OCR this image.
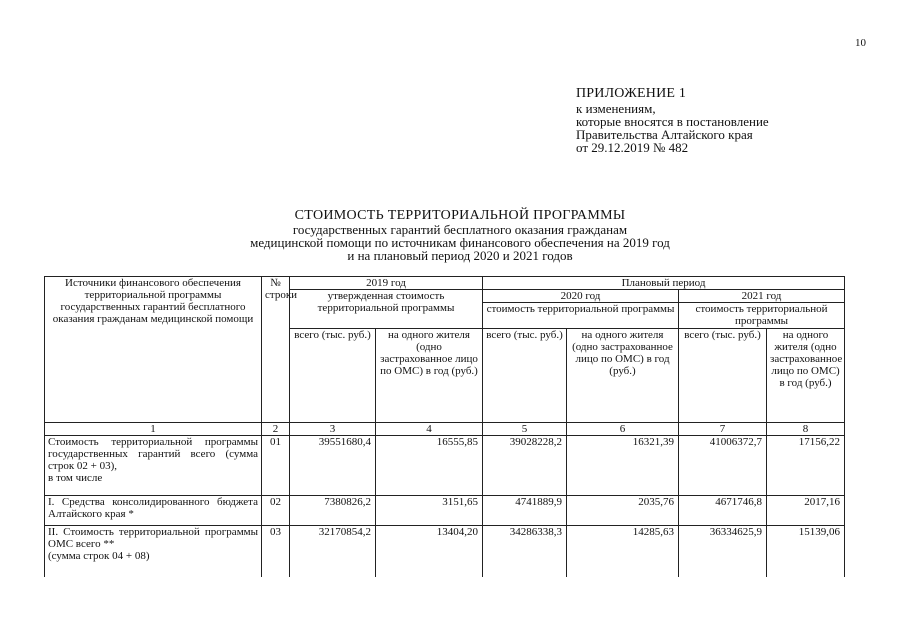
10
ПРИЛОЖЕНИЕ 1
к изменениям,
которые вносятся в постановление
Правительства Алтайского края
от 29.12.2019 № 482
СТОИМОСТЬ ТЕРРИТОРИАЛЬНОЙ ПРОГРАММЫ
государственных гарантий бесплатного оказания гражданам
медицинской помощи по источникам финансового обеспечения на 2019 год
и на плановый период 2020 и 2021 годов
Источники финансового обеспечения территориальной программы государственных гарантий бесплатного оказания гражданам медицинской помощи	№ строки	2019 год		Плановый период			
		утвержденная стоимость территориальной программы		2020 год		2021 год	
				стоимость территориальной программы		стоимость территориальной программы	
		всего (тыс. руб.)	на одного жителя (одно застрахованное лицо по ОМС) в год (руб.)	всего (тыс. руб.)	на одного жителя (одно застрахованное лицо по ОМС) в год (руб.)	всего (тыс. руб.)	на одного жителя (одно застрахованное лицо по ОМС) в год (руб.)
1	2	3	4	5	6	7	8

Стоимость территориальной программы государственных гарантий всего (сумма строк 02 + 03),
в том числе	01	39551680,4	16555,85	39028228,2	16321,39	41006372,7	17156,22

I. Средства консолидированного бюджета Алтайского края *	02	7380826,2	3151,65	4741889,9	2035,76	4671746,8	2017,16

II. Стоимость территориальной программы ОМС всего **
(сумма строк 04 + 08)	03	32170854,2	13404,20	34286338,3	14285,63	36334625,9	15139,06
